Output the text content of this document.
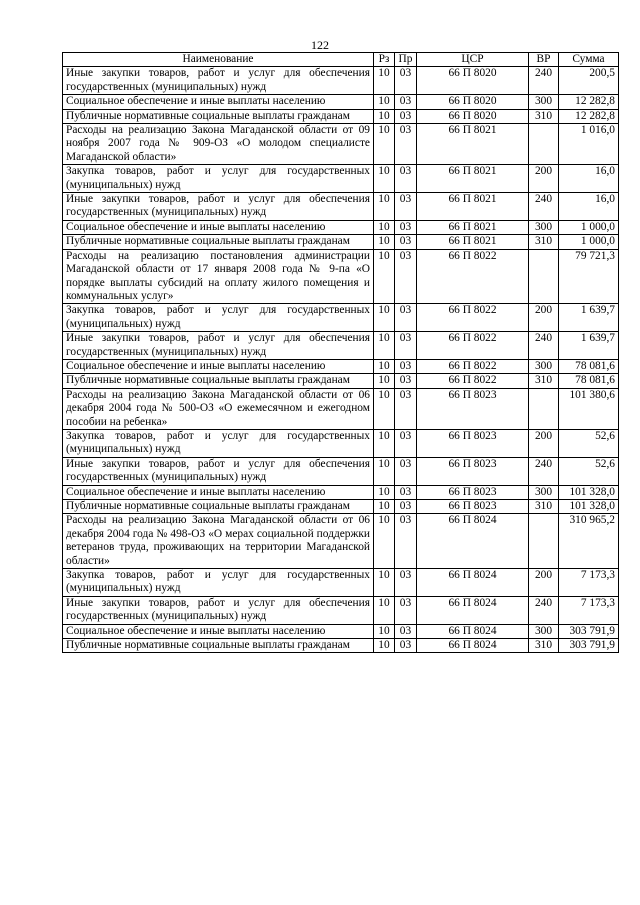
122
Наименование	Рз	Пр	ЦСР	ВР	Сумма
Иные закупки товаров, работ и услуг для обеспечения государственных (муниципальных) нужд	10	03	66 П 8020	240	200,5
Социальное обеспечение и иные выплаты населению	10	03	66 П 8020	300	12 282,8
Публичные нормативные социальные выплаты гражданам	10	03	66 П 8020	310	12 282,8
Расходы на реализацию Закона Магаданской области от 09 ноября 2007 года № 909-ОЗ «О молодом специалисте Магаданской области»	10	03	66 П 8021		1 016,0
Закупка товаров, работ и услуг для государственных (муниципальных) нужд	10	03	66 П 8021	200	16,0
Иные закупки товаров, работ и услуг для обеспечения государственных (муниципальных) нужд	10	03	66 П 8021	240	16,0
Социальное обеспечение и иные выплаты населению	10	03	66 П 8021	300	1 000,0
Публичные нормативные социальные выплаты гражданам	10	03	66 П 8021	310	1 000,0
Расходы на реализацию постановления администрации Магаданской области от 17 января 2008 года № 9-па «О порядке выплаты субсидий на оплату жилого помещения и коммунальных услуг»	10	03	66 П 8022		79 721,3
Закупка товаров, работ и услуг для государственных (муниципальных) нужд	10	03	66 П 8022	200	1 639,7
Иные закупки товаров, работ и услуг для обеспечения государственных (муниципальных) нужд	10	03	66 П 8022	240	1 639,7
Социальное обеспечение и иные выплаты населению	10	03	66 П 8022	300	78 081,6
Публичные нормативные социальные выплаты гражданам	10	03	66 П 8022	310	78 081,6
Расходы на реализацию Закона Магаданской области от 06 декабря 2004 года № 500-ОЗ «О ежемесячном и ежегодном пособии на ребенка»	10	03	66 П 8023		101 380,6
Закупка товаров, работ и услуг для государственных (муниципальных) нужд	10	03	66 П 8023	200	52,6
Иные закупки товаров, работ и услуг для обеспечения государственных (муниципальных) нужд	10	03	66 П 8023	240	52,6
Социальное обеспечение и иные выплаты населению	10	03	66 П 8023	300	101 328,0
Публичные нормативные социальные выплаты гражданам	10	03	66 П 8023	310	101 328,0
Расходы на реализацию Закона Магаданской области от 06 декабря 2004 года № 498-ОЗ «О мерах социальной поддержки ветеранов труда, проживающих на территории Магаданской области»	10	03	66 П 8024		310 965,2
Закупка товаров, работ и услуг для государственных (муниципальных) нужд	10	03	66 П 8024	200	7 173,3
Иные закупки товаров, работ и услуг для обеспечения государственных (муниципальных) нужд	10	03	66 П 8024	240	7 173,3
Социальное обеспечение и иные выплаты населению	10	03	66 П 8024	300	303 791,9
Публичные нормативные социальные выплаты гражданам	10	03	66 П 8024	310	303 791,9
